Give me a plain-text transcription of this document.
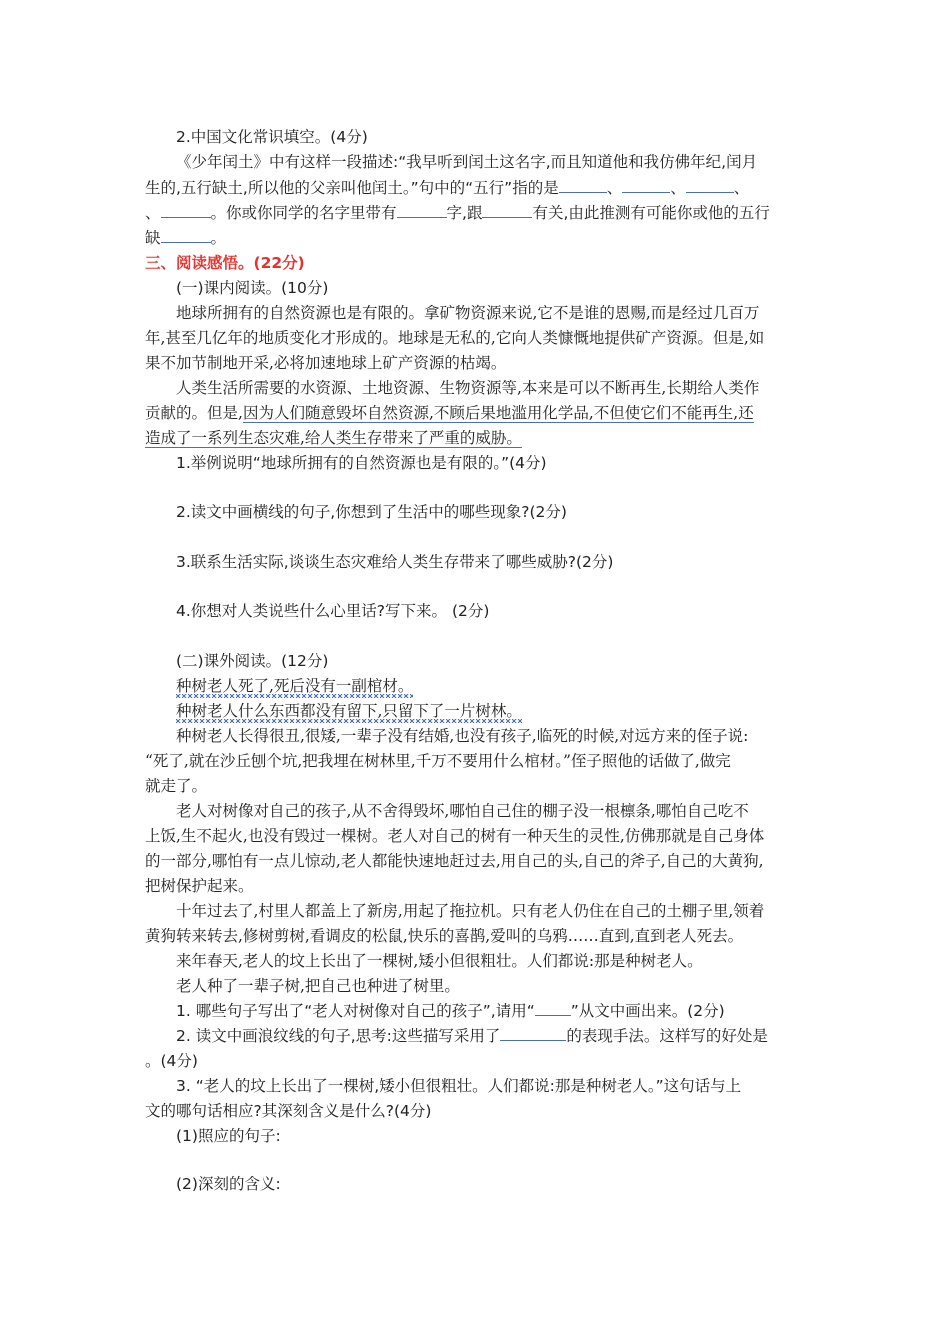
2.中国文化常识填空。(4分)
《少年闰土》中有这样一段描述:“我早听到闰土这名字,而且知道他和我仿佛年纪,闰月
生的,五行缺土,所以他的父亲叫他闰土。”句中的“五行”指的是	、	、	、
、	。你或你同学的名字里带有	字,跟	有关,由此推测有可能你或他的五行
缺	。
三、阅读感悟。(22分)
(一)课内阅读。(10分)
地球所拥有的自然资源也是有限的。拿矿物资源来说,它不是谁的恩赐,而是经过几百万
年,甚至几亿年的地质变化才形成的。地球是无私的,它向人类慷慨地提供矿产资源。但是,如
果不加节制地开采,必将加速地球上矿产资源的枯竭。
人类生活所需要的水资源、土地资源、生物资源等,本来是可以不断再生,长期给人类作
贡献的。但是,因为人们随意毁坏自然资源,不顾后果地滥用化学品,不但使它们不能再生,还
造成了一系列生态灾难,给人类生存带来了严重的威胁。
1.举例说明“地球所拥有的自然资源也是有限的。”(4分)
2.读文中画横线的句子,你想到了生活中的哪些现象?(2分)
3.联系生活实际,谈谈生态灾难给人类生存带来了哪些威胁?(2分)
4.你想对人类说些什么心里话?写下来。 (2分)
(二)课外阅读。(12分)
种树老人死了,死后没有一副棺材。
种树老人什么东西都没有留下,只留下了一片树林。
种树老人长得很丑,很矮,一辈子没有结婚,也没有孩子,临死的时候,对远方来的侄子说:
“死了,就在沙丘刨个坑,把我埋在树林里,千万不要用什么棺材。”侄子照他的话做了,做完
就走了。
老人对树像对自己的孩子,从不舍得毁坏,哪怕自己住的棚子没一根檩条,哪怕自己吃不
上饭,生不起火,也没有毁过一棵树。老人对自己的树有一种天生的灵性,仿佛那就是自己身体
的一部分,哪怕有一点儿惊动,老人都能快速地赶过去,用自己的头,自己的斧子,自己的大黄狗,
把树保护起来。
十年过去了,村里人都盖上了新房,用起了拖拉机。只有老人仍住在自己的土棚子里,领着
黄狗转来转去,修树剪树,看调皮的松鼠,快乐的喜鹊,爱叫的乌鸦……直到,直到老人死去。
来年春天,老人的坟上长出了一棵树,矮小但很粗壮。人们都说:那是种树老人。
老人种了一辈子树,把自己也种进了树里。
1. 哪些句子写出了“老人对树像对自己的孩子”,请用“ ”从文中画出来。(2分)
2. 读文中画浪纹线的句子,思考:这些描写采用了	的表现手法。这样写的好处是
。(4分)
3. “老人的坟上长出了一棵树,矮小但很粗壮。人们都说:那是种树老人。”这句话与上
文的哪句话相应?其深刻含义是什么?(4分)
(1)照应的句子:
(2)深刻的含义:
